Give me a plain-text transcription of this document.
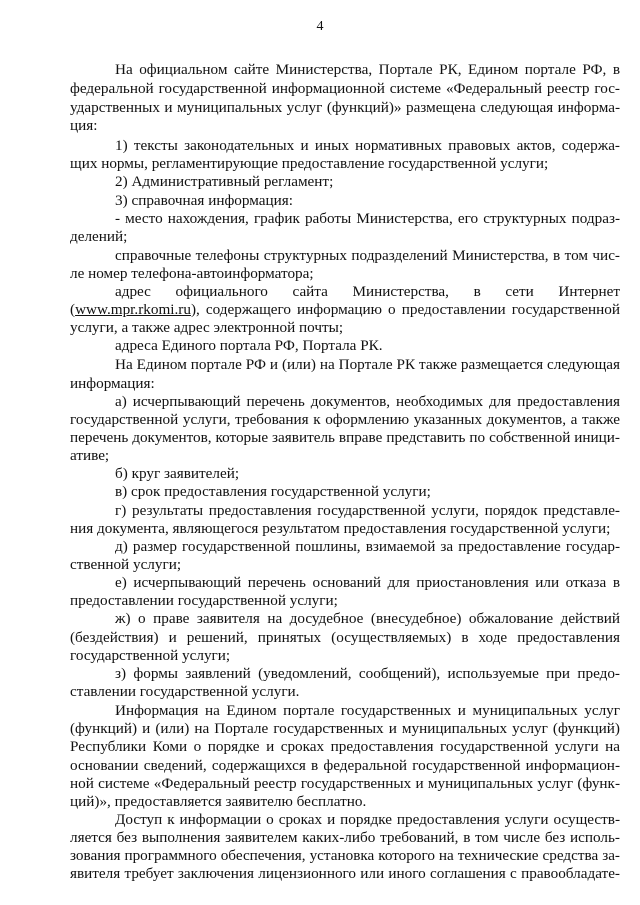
4
На официальном сайте Министерства, Портале РК, Едином портале РФ, в
федеральной государственной информационной системе «Федеральный реестр гос-
ударственных и муниципальных услуг (функций)» размещена следующая информа-
ция:
1) тексты законодательных и иных нормативных правовых актов, содержа-
щих нормы, регламентирующие предоставление государственной услуги;
2) Административный регламент;
3) справочная информация:
- место нахождения, график работы Министерства, его структурных подраз-
делений;
справочные телефоны структурных подразделений Министерства, в том чис-
ле номер телефона-автоинформатора;
адрес официального сайта Министерства, в сети Интернет
(www.mpr.rkomi.ru), содержащего информацию о предоставлении государственной
услуги, а также адрес электронной почты;
адреса Единого портала РФ, Портала РК.
На Едином портале РФ и (или) на Портале РК также размещается следующая
информация:
а) исчерпывающий перечень документов, необходимых для предоставления
государственной услуги, требования к оформлению указанных документов, а также
перечень документов, которые заявитель вправе представить по собственной иници-
ативе;
б) круг заявителей;
в) срок предоставления государственной услуги;
г) результаты предоставления государственной услуги, порядок представле-
ния документа, являющегося результатом предоставления государственной услуги;
д) размер государственной пошлины, взимаемой за предоставление государ-
ственной услуги;
е) исчерпывающий перечень оснований для приостановления или отказа в
предоставлении государственной услуги;
ж) о праве заявителя на досудебное (внесудебное) обжалование действий
(бездействия) и решений, принятых (осуществляемых) в ходе предоставления
государственной услуги;
з) формы заявлений (уведомлений, сообщений), используемые при предо-
ставлении государственной услуги.
Информация на Едином портале государственных и муниципальных услуг
(функций) и (или) на Портале государственных и муниципальных услуг (функций)
Республики Коми о порядке и сроках предоставления государственной услуги на
основании сведений, содержащихся в федеральной государственной информацион-
ной системе «Федеральный реестр государственных и муниципальных услуг (функ-
ций)», предоставляется заявителю бесплатно.
Доступ к информации о сроках и порядке предоставления услуги осуществ-
ляется без выполнения заявителем каких-либо требований, в том числе без исполь-
зования программного обеспечения, установка которого на технические средства за-
явителя требует заключения лицензионного или иного соглашения с правообладате-
